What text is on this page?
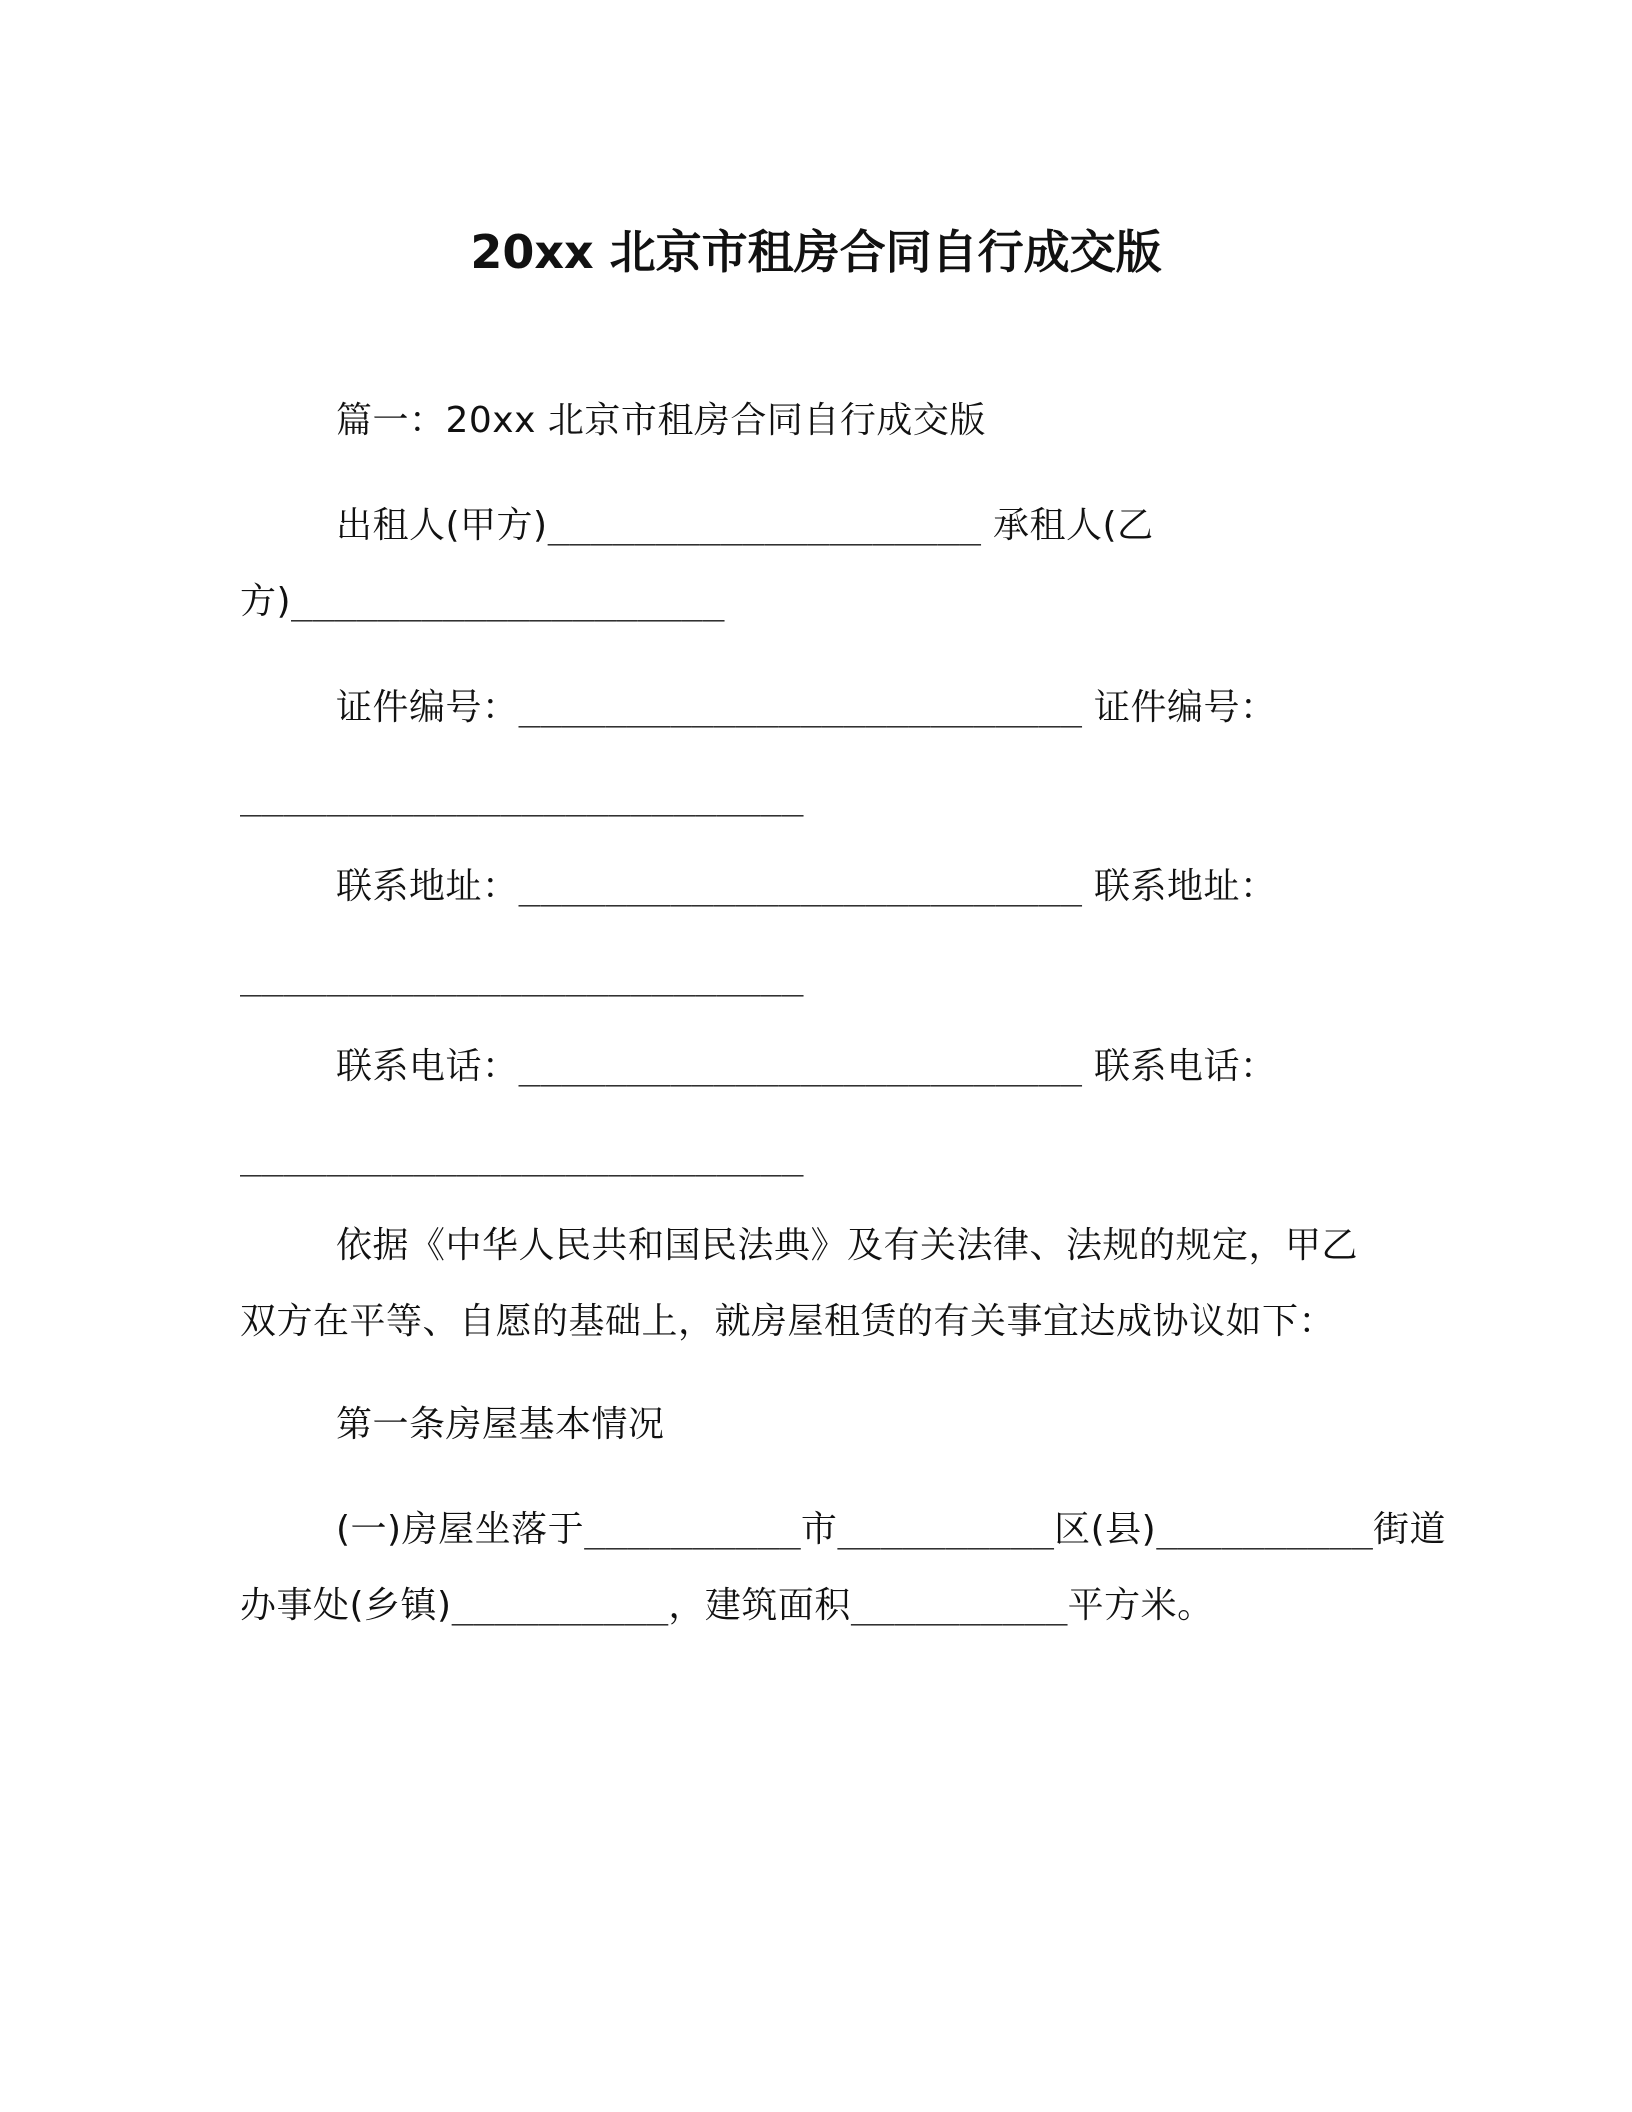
20xx 北京市租房合同自行成交版
篇一：20xx 北京市租房合同自行成交版
出租人(甲方)____________________ 承租人(乙
方)____________________
证件编号：__________________________ 证件编号：
__________________________
联系地址：__________________________ 联系地址：
__________________________
联系电话：__________________________ 联系电话：
__________________________
依据《中华人民共和国民法典》及有关法律、法规的规定，甲乙
双方在平等、自愿的基础上，就房屋租赁的有关事宜达成协议如下：
第一条房屋基本情况
(一)房屋坐落于__________市__________区(县)__________街道
办事处(乡镇)__________，建筑面积__________平方米。
